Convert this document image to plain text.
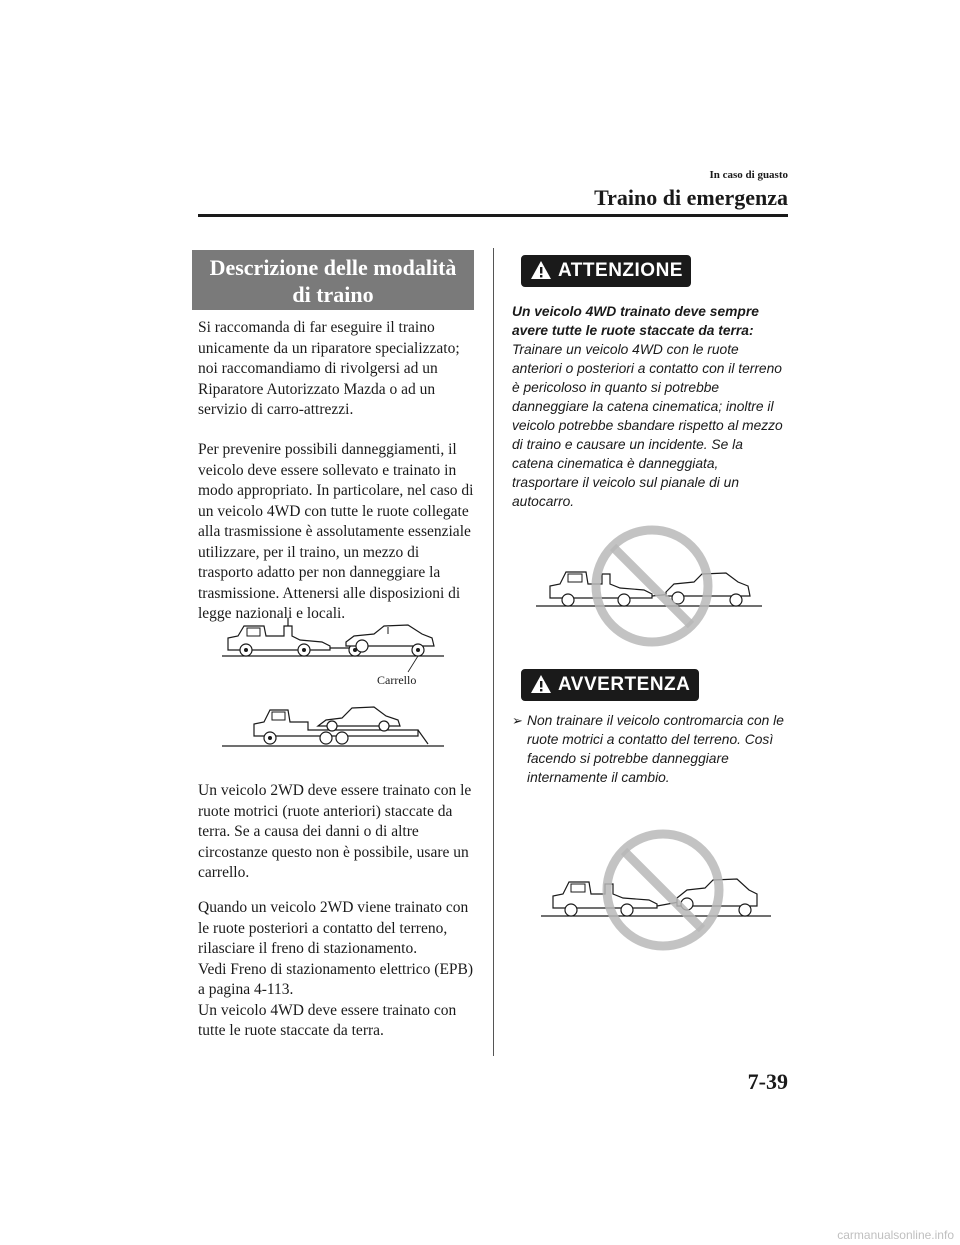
In caso di guasto
Traino di emergenza
Descrizione delle modalità
di traino

Si raccomanda di far eseguire il traino unicamente da un riparatore specializzato; noi raccomandiamo di rivolgersi ad un Riparatore Autorizzato Mazda o ad un servizio di carro-attrezzi.

Per prevenire possibili danneggiamenti, il veicolo deve essere sollevato e trainato in modo appropriato. In particolare, nel caso di un veicolo 4WD con tutte le ruote collegate alla trasmissione è assolutamente essenziale utilizzare, per il traino, un mezzo di trasporto adatto per non danneggiare la trasmissione. Attenersi alle disposizioni di legge nazionali e locali.

Carrello

Un veicolo 2WD deve essere trainato con le ruote motrici (ruote anteriori) staccate da terra. Se a causa dei danni o di altre circostanze questo non è possibile, usare un carrello.

Quando un veicolo 2WD viene trainato con le ruote posteriori a contatto del terreno, rilasciare il freno di stazionamento.
Vedi Freno di stazionamento elettrico (EPB) a pagina 4-113.
Un veicolo 4WD deve essere trainato con tutte le ruote staccate da terra.
ATTENZIONE

Un veicolo 4WD trainato deve sempre avere tutte le ruote staccate da terra:

Trainare un veicolo 4WD con le ruote anteriori o posteriori a contatto con il terreno è pericoloso in quanto si potrebbe danneggiare la catena cinematica; inoltre il veicolo potrebbe sbandare rispetto al mezzo di traino e causare un incidente. Se la catena cinematica è danneggiata, trasportare il veicolo sul pianale di un autocarro.

AVVERTENZA
➢ Non trainare il veicolo contromarcia con le ruote motrici a contatto del terreno. Così facendo si potrebbe danneggiare internamente il cambio.
7-39
carmanualsonline.info
